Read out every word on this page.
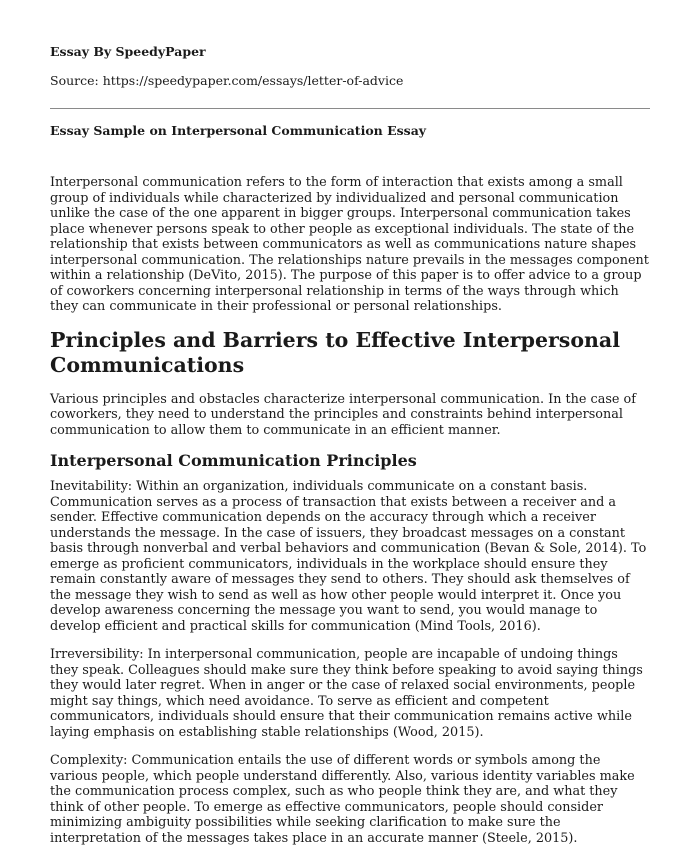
Essay By SpeedyPaper
Source: https://speedypaper.com/essays/letter-of-advice
Essay Sample on Interpersonal Communication Essay

Interpersonal communication refers to the form of interaction that exists among a small group of individuals while characterized by individualized and personal communication unlike the case of the one apparent in bigger groups. Interpersonal communication takes place whenever persons speak to other people as exceptional individuals. The state of the relationship that exists between communicators as well as communications nature shapes interpersonal communication. The relationships nature prevails in the messages component within a relationship (DeVito, 2015). The purpose of this paper is to offer advice to a group of coworkers concerning interpersonal relationship in terms of the ways through which they can communicate in their professional or personal relationships.

Principles and Barriers to Effective Interpersonal Communications

Various principles and obstacles characterize interpersonal communication. In the case of coworkers, they need to understand the principles and constraints behind interpersonal communication to allow them to communicate in an efficient manner.

Interpersonal Communication Principles

Inevitability: Within an organization, individuals communicate on a constant basis. Communication serves as a process of transaction that exists between a receiver and a sender. Effective communication depends on the accuracy through which a receiver understands the message. In the case of issuers, they broadcast messages on a constant basis through nonverbal and verbal behaviors and communication (Bevan & Sole, 2014). To emerge as proficient communicators, individuals in the workplace should ensure they remain constantly aware of messages they send to others. They should ask themselves of the message they wish to send as well as how other people would interpret it. Once you develop awareness concerning the message you want to send, you would manage to develop efficient and practical skills for communication (Mind Tools, 2016).

Irreversibility: In interpersonal communication, people are incapable of undoing things they speak. Colleagues should make sure they think before speaking to avoid saying things they would later regret. When in anger or the case of relaxed social environments, people might say things, which need avoidance. To serve as efficient and competent communicators, individuals should ensure that their communication remains active while laying emphasis on establishing stable relationships (Wood, 2015).

Complexity: Communication entails the use of different words or symbols among the various people, which people understand differently. Also, various identity variables make the communication process complex, such as who people think they are, and what they think of other people. To emerge as effective communicators, people should consider minimizing ambiguity possibilities while seeking clarification to make sure the interpretation of the messages takes place in an accurate manner (Steele, 2015).
